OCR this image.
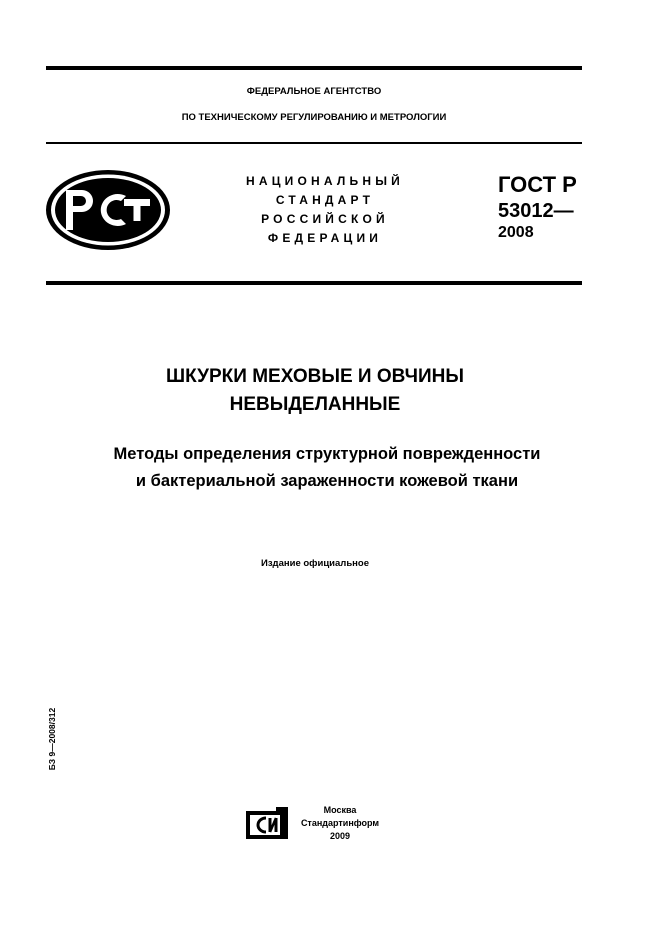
ФЕДЕРАЛЬНОЕ АГЕНТСТВО
ПО ТЕХНИЧЕСКОМУ РЕГУЛИРОВАНИЮ И МЕТРОЛОГИИ
НАЦИОНАЛЬНЫЙ
СТАНДАРТ
РОССИЙСКОЙ
ФЕДЕРАЦИИ
ГОСТ Р
53012—
2008
ШКУРКИ МЕХОВЫЕ И ОВЧИНЫ
НЕВЫДЕЛАННЫЕ
Методы определения структурной поврежденности
и бактериальной зараженности кожевой ткани
Издание официальное
БЗ 9—2008/312
Москва
Стандартинформ
2009
